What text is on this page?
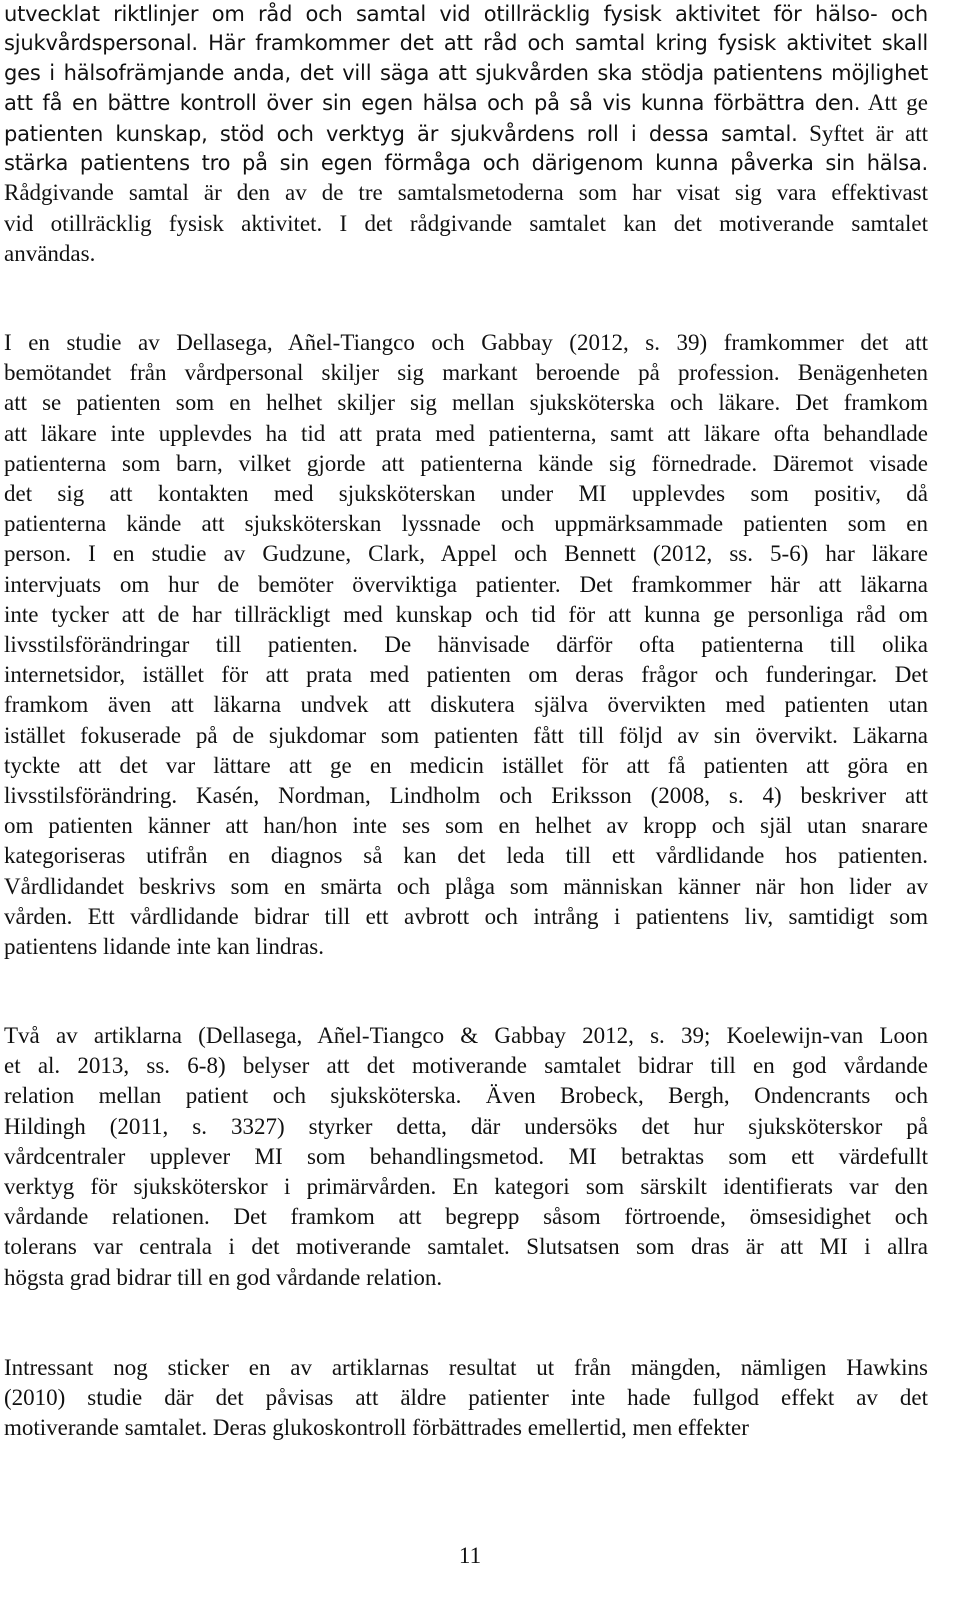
utvecklat riktlinjer om råd och samtal vid otillräcklig fysisk aktivitet för hälso- och
sjukvårdspersonal. Här framkommer det att råd och samtal kring fysisk aktivitet skall
ges i hälsofrämjande anda, det vill säga att sjukvården ska stödja patientens möjlighet
att få en bättre kontroll över sin egen hälsa och på så vis kunna förbättra den. Att ge
patienten kunskap, stöd och verktyg är sjukvårdens roll i dessa samtal. Syftet är att
stärka patientens tro på sin egen förmåga och därigenom kunna påverka sin hälsa.
Rådgivande samtal är den av de tre samtalsmetoderna som har visat sig vara effektivast
vid otillräcklig fysisk aktivitet. I det rådgivande samtalet kan det motiverande samtalet
användas.
I en studie av Dellasega, Añel-Tiangco och Gabbay (2012, s. 39) framkommer det att
bemötandet från vårdpersonal skiljer sig markant beroende på profession. Benägenheten
att se patienten som en helhet skiljer sig mellan sjuksköterska och läkare. Det framkom
att läkare inte upplevdes ha tid att prata med patienterna, samt att läkare ofta behandlade
patienterna som barn, vilket gjorde att patienterna kände sig förnedrade. Däremot visade
det sig att kontakten med sjuksköterskan under MI upplevdes som positiv, då
patienterna kände att sjuksköterskan lyssnade och uppmärksammade patienten som en
person. I en studie av Gudzune, Clark, Appel och Bennett (2012, ss. 5-6) har läkare
intervjuats om hur de bemöter överviktiga patienter. Det framkommer här att läkarna
inte tycker att de har tillräckligt med kunskap och tid för att kunna ge personliga råd om
livsstilsförändringar till patienten. De hänvisade därför ofta patienterna till olika
internetsidor, istället för att prata med patienten om deras frågor och funderingar. Det
framkom även att läkarna undvek att diskutera själva övervikten med patienten utan
istället fokuserade på de sjukdomar som patienten fått till följd av sin övervikt. Läkarna
tyckte att det var lättare att ge en medicin istället för att få patienten att göra en
livsstilsförändring. Kasén, Nordman, Lindholm och Eriksson (2008, s. 4) beskriver att
om patienten känner att han/hon inte ses som en helhet av kropp och själ utan snarare
kategoriseras utifrån en diagnos så kan det leda till ett vårdlidande hos patienten.
Vårdlidandet beskrivs som en smärta och plåga som människan känner när hon lider av
vården. Ett vårdlidande bidrar till ett avbrott och intrång i patientens liv, samtidigt som
patientens lidande inte kan lindras.
Två av artiklarna (Dellasega, Añel-Tiangco & Gabbay 2012, s. 39; Koelewijn-van Loon
et al. 2013, ss. 6-8) belyser att det motiverande samtalet bidrar till en god vårdande
relation mellan patient och sjuksköterska. Även Brobeck, Bergh, Ondencrants och
Hildingh (2011, s. 3327) styrker detta, där undersöks det hur sjuksköterskor på
vårdcentraler upplever MI som behandlingsmetod. MI betraktas som ett värdefullt
verktyg för sjuksköterskor i primärvården. En kategori som särskilt identifierats var den
vårdande relationen. Det framkom att begrepp såsom förtroende, ömsesidighet och
tolerans var centrala i det motiverande samtalet. Slutsatsen som dras är att MI i allra
högsta grad bidrar till en god vårdande relation.
Intressant nog sticker en av artiklarnas resultat ut från mängden, nämligen Hawkins
(2010) studie där det påvisas att äldre patienter inte hade fullgod effekt av det
motiverande samtalet. Deras glukoskontroll förbättrades emellertid, men effekter
11
